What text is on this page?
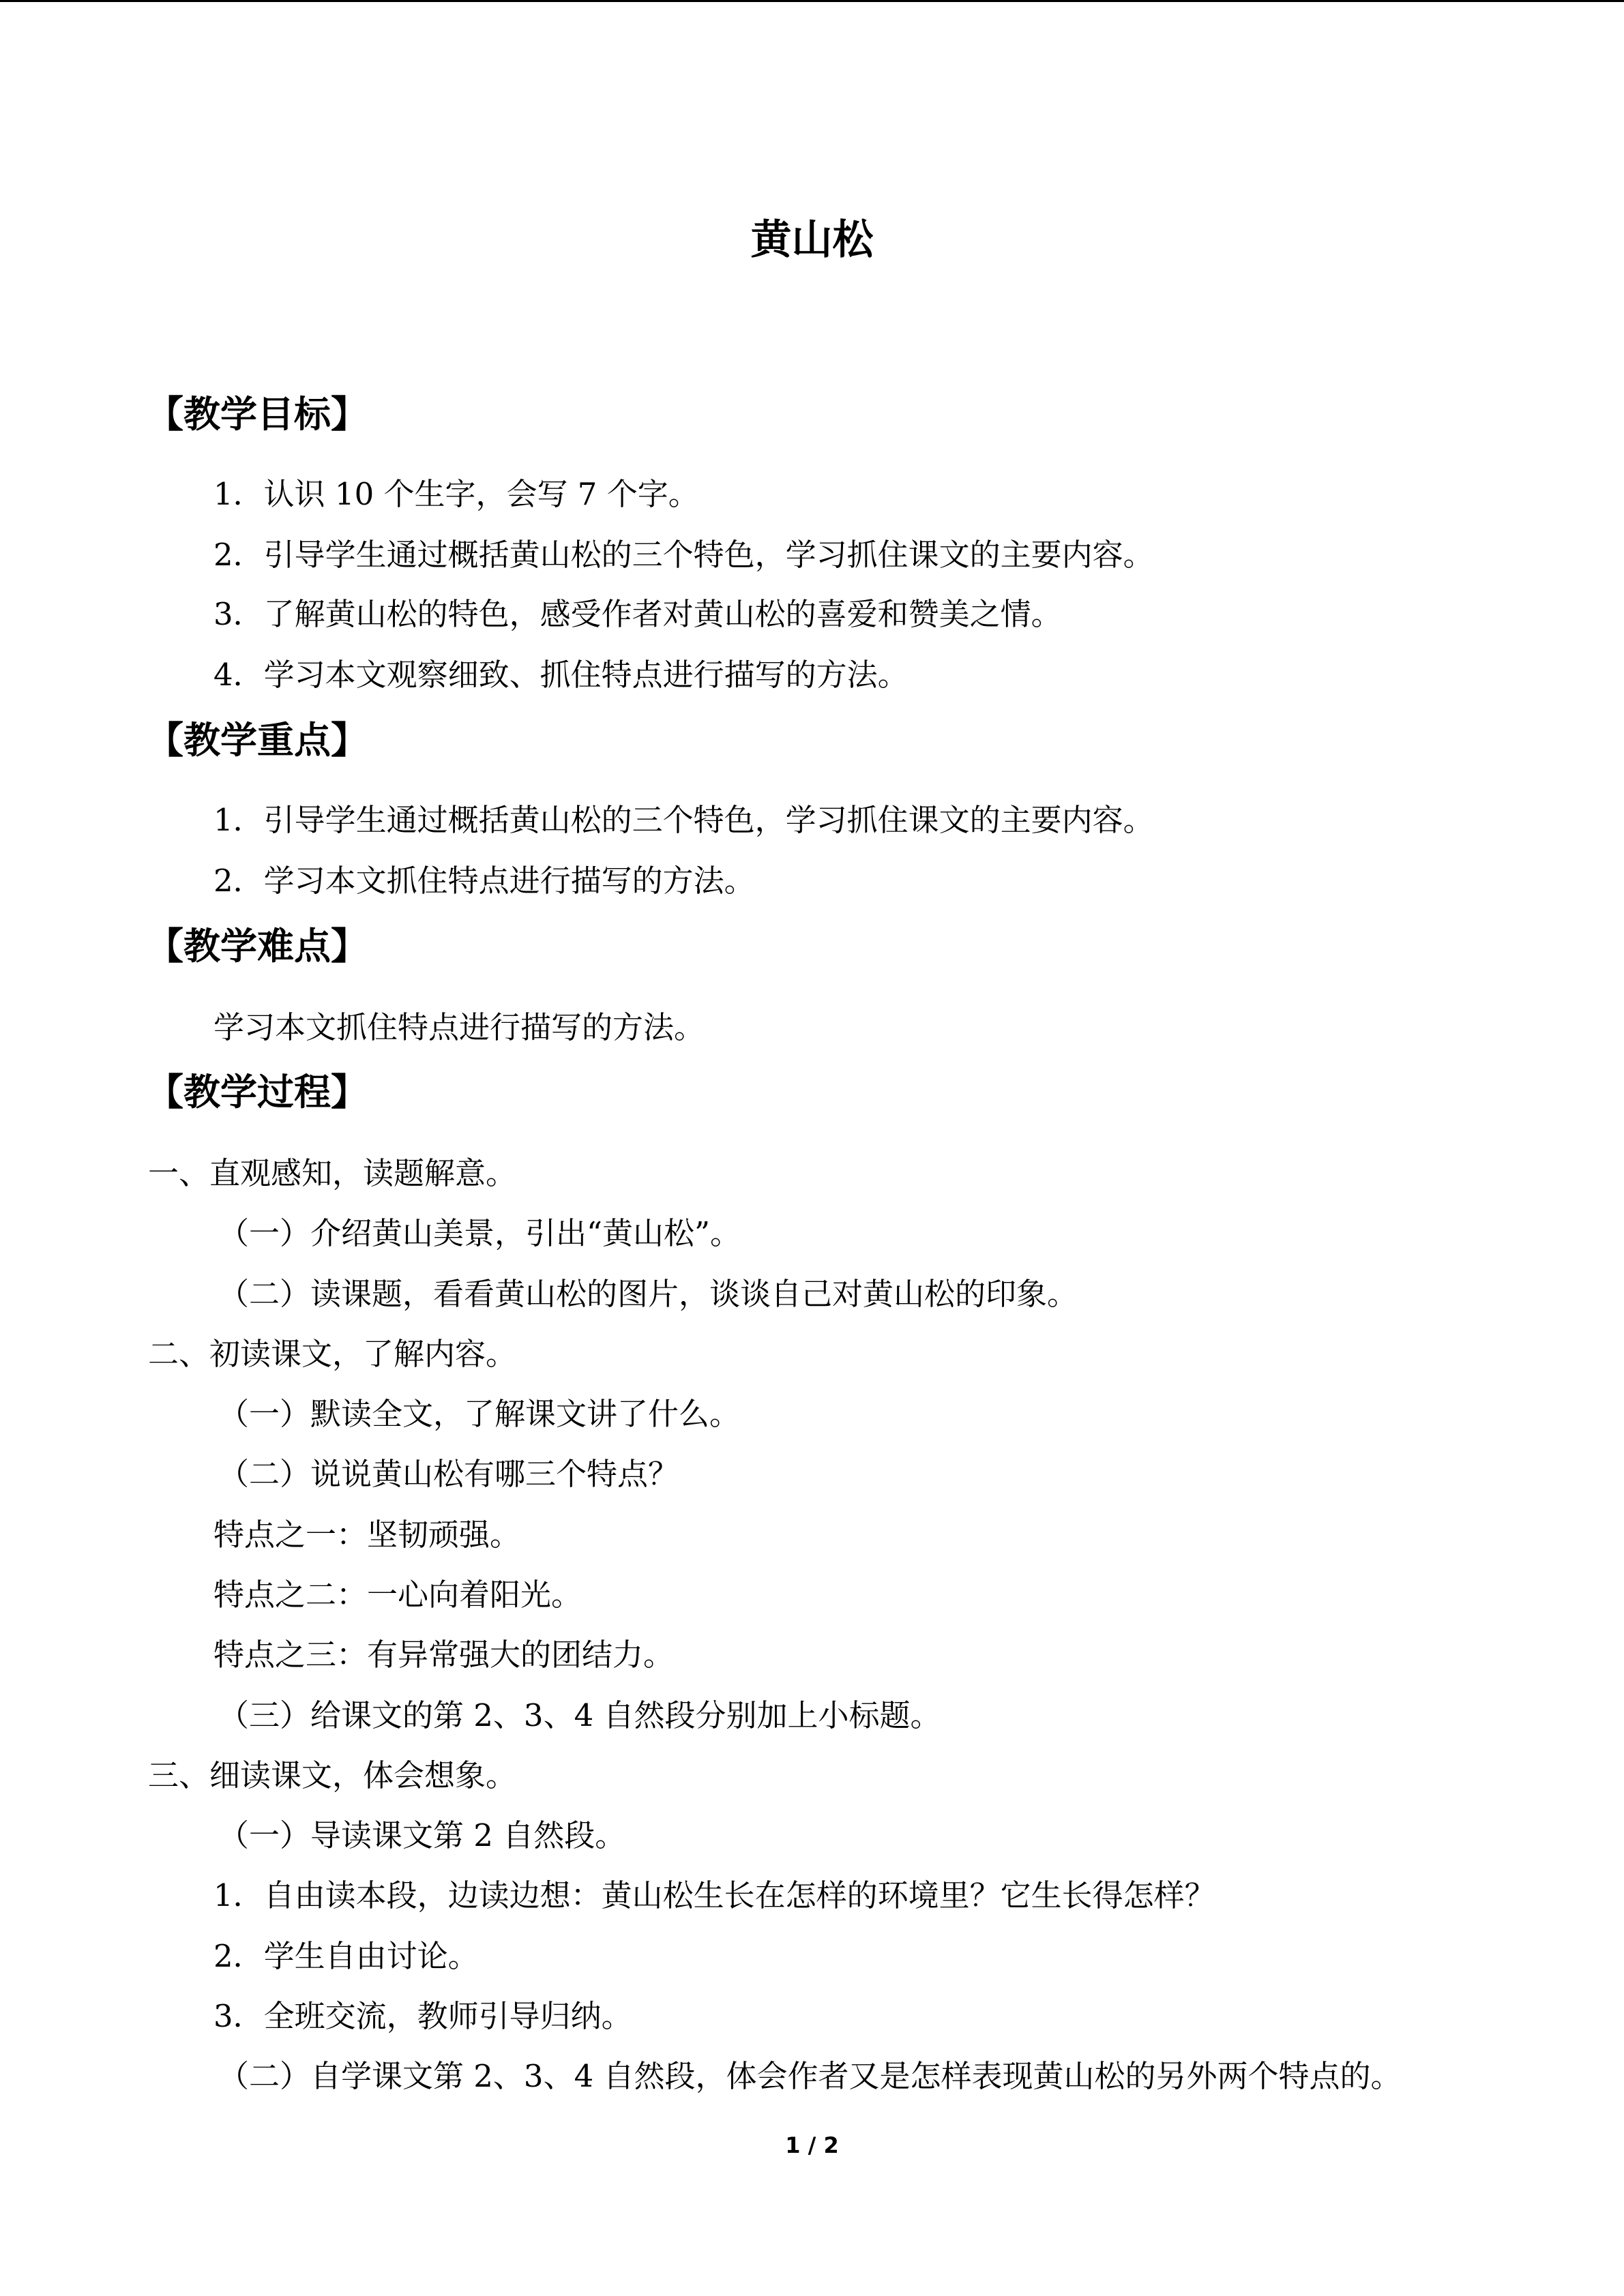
黄山松
【教学目标】
1．认识 10 个生字，会写 7 个字。
2．引导学生通过概括黄山松的三个特色，学习抓住课文的主要内容。
3．了解黄山松的特色，感受作者对黄山松的喜爱和赞美之情。
4．学习本文观察细致、抓住特点进行描写的方法。
【教学重点】
1．引导学生通过概括黄山松的三个特色，学习抓住课文的主要内容。
2．学习本文抓住特点进行描写的方法。
【教学难点】
学习本文抓住特点进行描写的方法。
【教学过程】
一、直观感知，读题解意。
（一）介绍黄山美景，引出“黄山松”。
（二）读课题，看看黄山松的图片，谈谈自己对黄山松的印象。
二、初读课文，了解内容。
（一）默读全文，了解课文讲了什么。
（二）说说黄山松有哪三个特点？
特点之一：坚韧顽强。
特点之二：一心向着阳光。
特点之三：有异常强大的团结力。
（三）给课文的第 2、3、4 自然段分别加上小标题。
三、细读课文，体会想象。
（一）导读课文第 2 自然段。
1．自由读本段，边读边想：黄山松生长在怎样的环境里？它生长得怎样？
2．学生自由讨论。
3．全班交流，教师引导归纳。
（二）自学课文第 2、3、4 自然段，体会作者又是怎样表现黄山松的另外两个特点的。
1 / 2
